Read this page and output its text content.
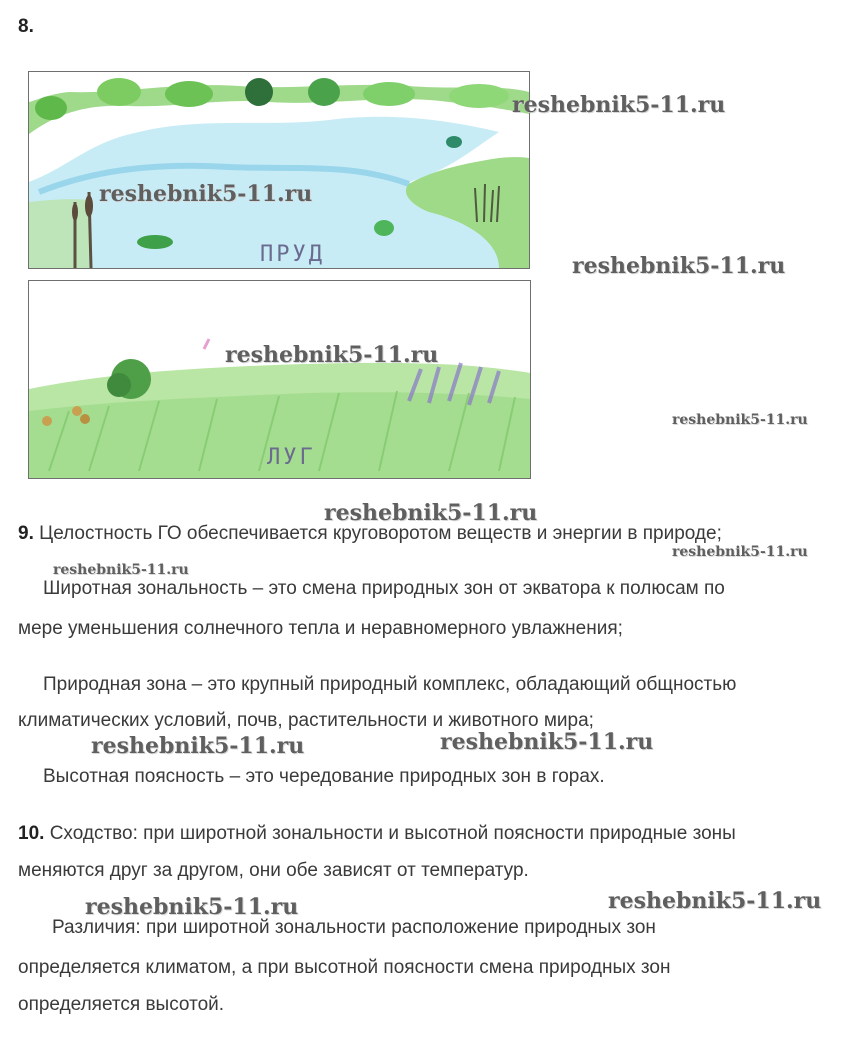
8.
ПРУД
ЛУГ
9. Целостность ГО обеспечивается круговоротом веществ и энергии в природе;
Широтная зональность – это смена природных зон от экватора к полюсам по
мере уменьшения солнечного тепла и неравномерного увлажнения;
Природная зона – это крупный природный комплекс, обладающий общностью
климатических условий, почв, растительности и животного мира;
Высотная поясность – это чередование природных зон в горах.
10. Сходство: при широтной зональности и высотной поясности природные зоны
меняются друг за другом, они обе зависят от температур.
Различия: при широтной зональности расположение природных зон
определяется климатом, а при высотной поясности смена природных зон
определяется высотой.
reshebnik5-11.ru
reshebnik5-11.ru
reshebnik5-11.ru
reshebnik5-11.ru
reshebnik5-11.ru
reshebnik5-11.ru
reshebnik5-11.ru
reshebnik5-11.ru
reshebnik5-11.ru	reshebnik5-11.ru
reshebnik5-11.ru
reshebnik5-11.ru
